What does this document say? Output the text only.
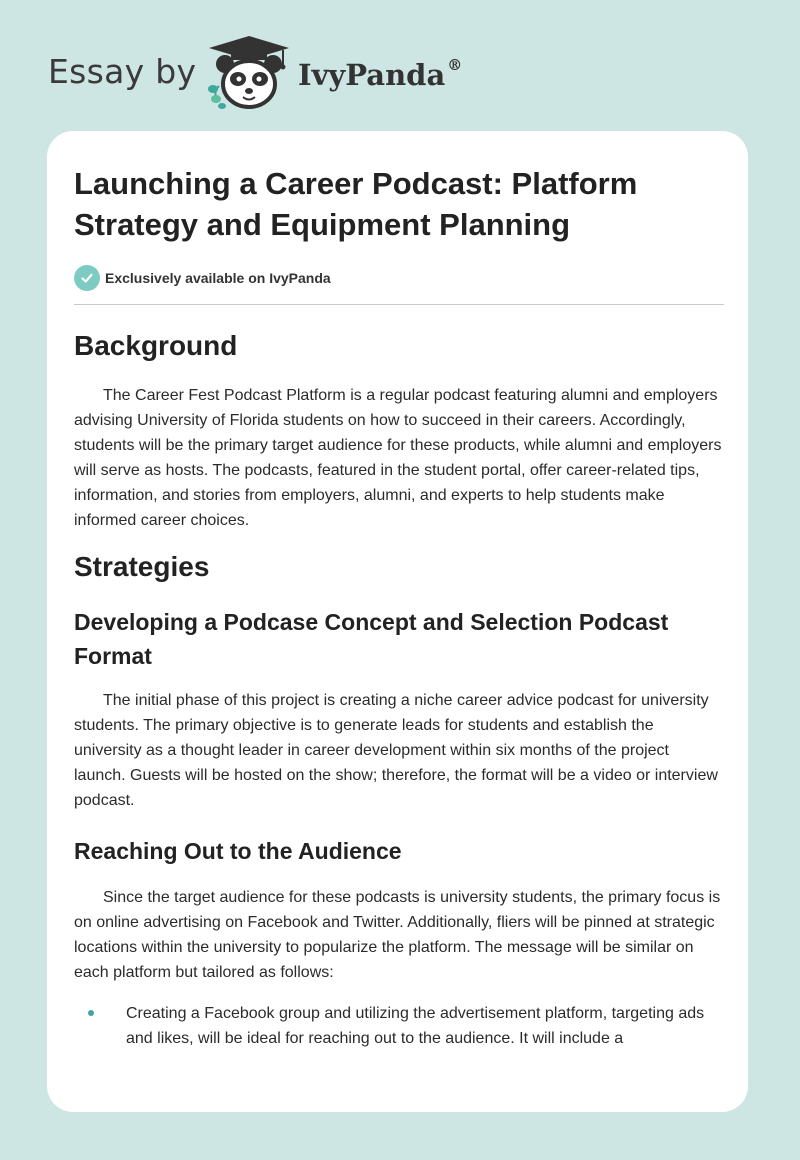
Essay by	IvyPanda ®
Launching a Career Podcast: Platform Strategy and Equipment Planning
Exclusively available on IvyPanda
Background

The Career Fest Podcast Platform is a regular podcast featuring alumni and employers advising University of Florida students on how to succeed in their careers. Accordingly, students will be the primary target audience for these products, while alumni and employers will serve as hosts. The podcasts, featured in the student portal, offer career-related tips, information, and stories from employers, alumni, and experts to help students make informed career choices.

Strategies
Developing a Podcase Concept and Selection Podcast Format

The initial phase of this project is creating a niche career advice podcast for university students. The primary objective is to generate leads for students and establish the university as a thought leader in career development within six months of the project launch. Guests will be hosted on the show; therefore, the format will be a video or interview podcast.

Reaching Out to the Audience

Since the target audience for these podcasts is university students, the primary focus is on online advertising on Facebook and Twitter. Additionally, fliers will be pinned at strategic locations within the university to popularize the platform. The message will be similar on each platform but tailored as follows:

Creating a Facebook group and utilizing the advertisement platform, targeting ads and likes, will be ideal for reaching out to the audience. It will include a
